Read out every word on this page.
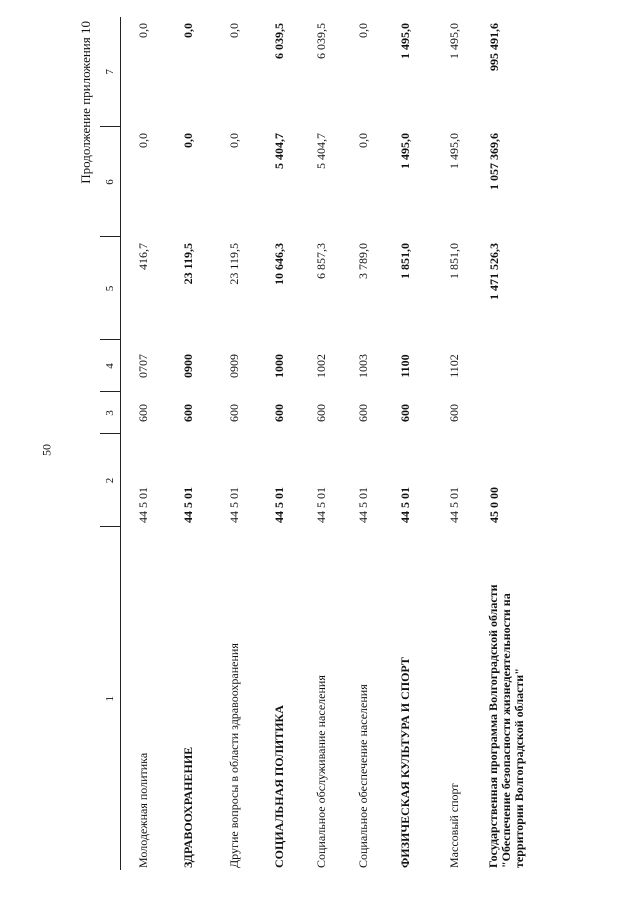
50
Продолжение приложения 10
1	2	3	4	5	6	7
Молодежная политика	44 5 01	600	0707	416,7	0,0	0,0
ЗДРАВООХРАНЕНИЕ	44 5 01	600	0900	23 119,5	0,0	0,0
Другие вопросы в области здравоохранения	44 5 01	600	0909	23 119,5	0,0	0,0
СОЦИАЛЬНАЯ ПОЛИТИКА	44 5 01	600	1000	10 646,3	5 404,7	6 039,5
Социальное обслуживание населения	44 5 01	600	1002	6 857,3	5 404,7	6 039,5
Социальное обеспечение населения	44 5 01	600	1003	3 789,0	0,0	0,0
ФИЗИЧЕСКАЯ КУЛЬТУРА И СПОРТ	44 5 01	600	1100	1 851,0	1 495,0	1 495,0
Массовый спорт	44 5 01	600	1102	1 851,0	1 495,0	1 495,0
Государственная программа Волгоградской области "Обеспечение безопасности жизнедеятельности на территории Волгоградской области"	45 0 00			1 471 526,3	1 057 369,6	995 491,6
